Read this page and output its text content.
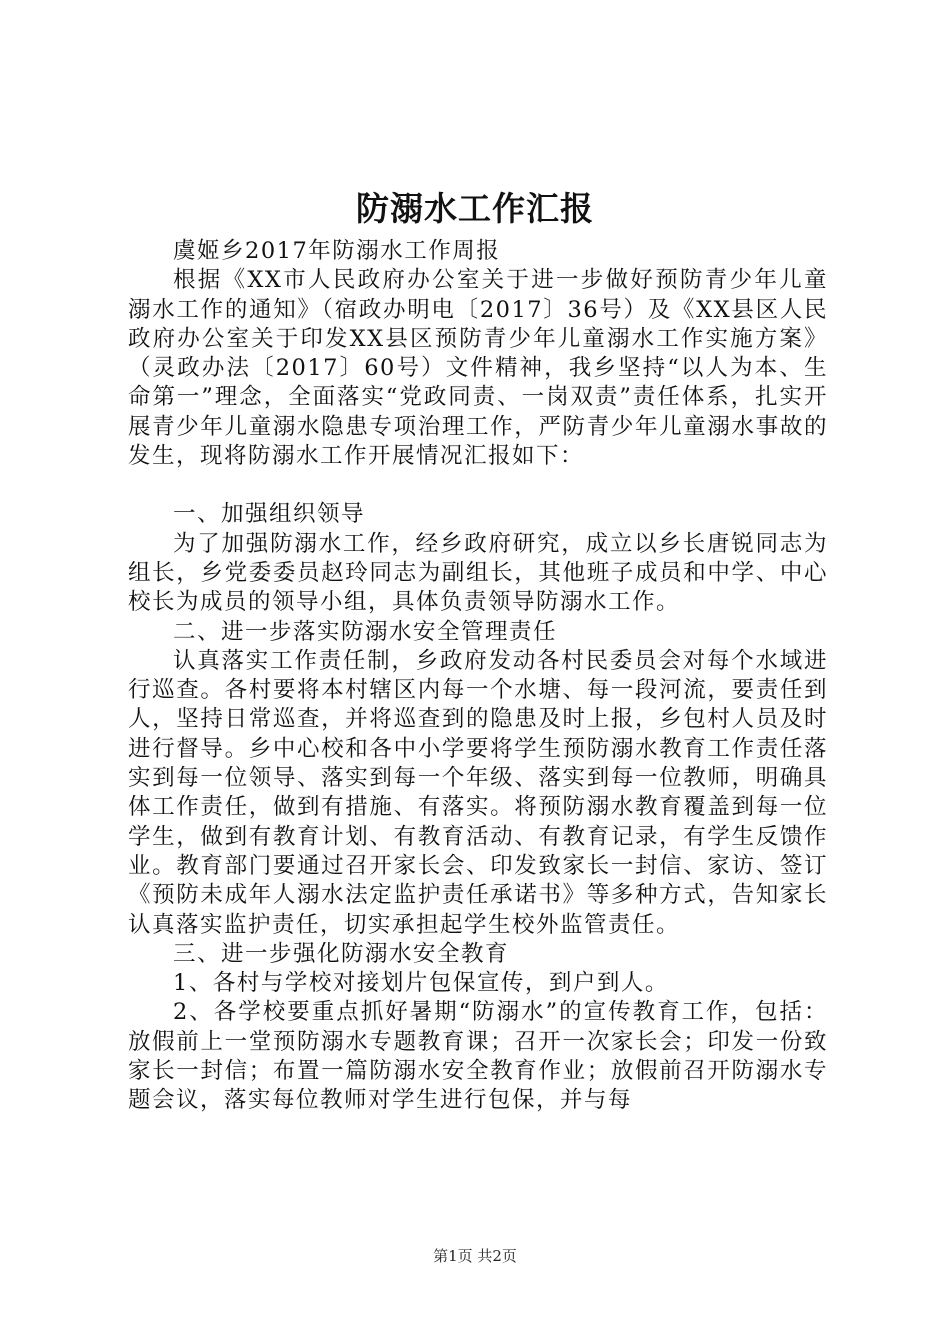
防溺水工作汇报

虞姬乡2017年防溺水工作周报

根据《XX市人民政府办公室关于进一步做好预防青少年儿童溺水工作的通知》（宿政办明电〔2017〕36号）及《XX县区人民政府办公室关于印发XX县区预防青少年儿童溺水工作实施方案》（灵政办法〔2017〕60号）文件精神，我乡坚持“以人为本、生命第一”理念，全面落实“党政同责、一岗双责”责任体系，扎实开展青少年儿童溺水隐患专项治理工作，严防青少年儿童溺水事故的发生，现将防溺水工作开展情况汇报如下：

一、加强组织领导

为了加强防溺水工作，经乡政府研究，成立以乡长唐锐同志为组长，乡党委委员赵玲同志为副组长，其他班子成员和中学、中心校长为成员的领导小组，具体负责领导防溺水工作。

二、进一步落实防溺水安全管理责任

认真落实工作责任制，乡政府发动各村民委员会对每个水域进行巡查。各村要将本村辖区内每一个水塘、每一段河流，要责任到人，坚持日常巡查，并将巡查到的隐患及时上报，乡包村人员及时进行督导。乡中心校和各中小学要将学生预防溺水教育工作责任落实到每一位领导、落实到每一个年级、落实到每一位教师，明确具体工作责任，做到有措施、有落实。将预防溺水教育覆盖到每一位学生，做到有教育计划、有教育活动、有教育记录，有学生反馈作业。教育部门要通过召开家长会、印发致家长一封信、家访、签订《预防未成年人溺水法定监护责任承诺书》等多种方式，告知家长认真落实监护责任，切实承担起学生校外监管责任。

三、进一步强化防溺水安全教育

1、各村与学校对接划片包保宣传，到户到人。

2、各学校要重点抓好暑期“防溺水”的宣传教育工作，包括：放假前上一堂预防溺水专题教育课；召开一次家长会；印发一份致家长一封信；布置一篇防溺水安全教育作业；放假前召开防溺水专题会议，落实每位教师对学生进行包保，并与每

第1页 共2页
